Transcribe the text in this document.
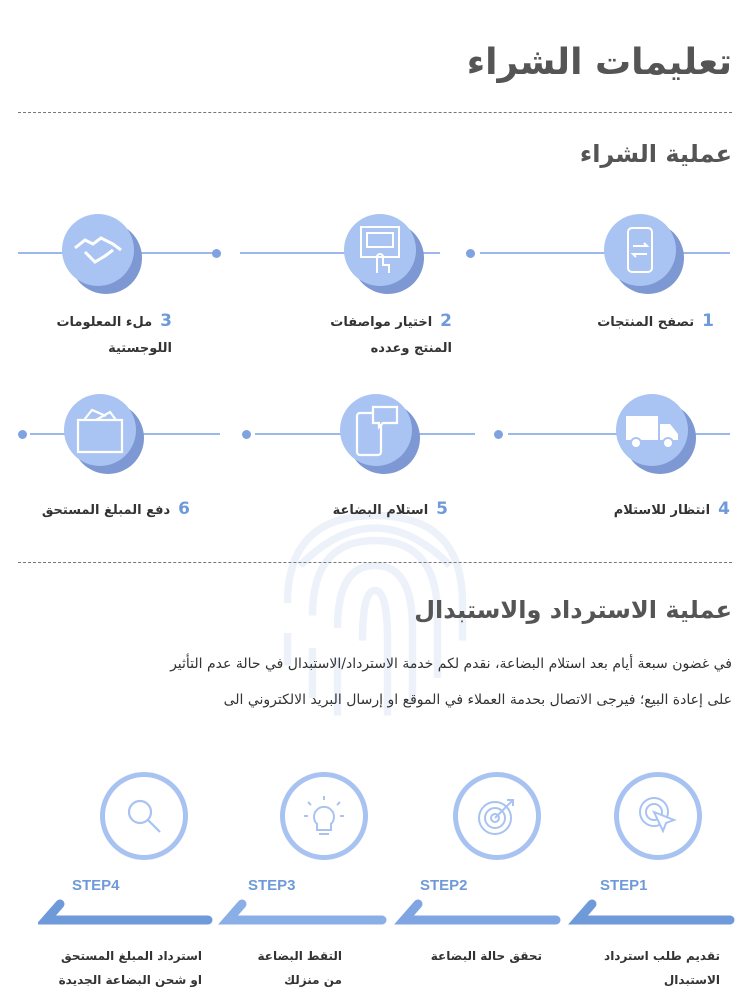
تعليمات الشراء
عملية الشراء
1تصفح المنتجات
2اختيار مواصفات
المنتج وعدده
3ملء المعلومات
اللوجستية
4انتظار للاستلام
5استلام البضاعة
6دفع المبلغ المستحق
عملية الاسترداد والاستبدال
في غضون سبعة أيام بعد استلام البضاعة، نقدم لكم خدمة الاسترداد/الاستبدال في حالة عدم التأثير
على إعادة البيع؛ فيرجى الاتصال بحدمة العملاء في الموقع او إرسال البريد الالكتروني الى
STEP1
STEP2
STEP3
STEP4
تقديم طلب استرداد
الاستبدال
تحقق حالة البضاعة
التقط البضاعة
من منزلك
استرداد المبلغ المستحق
او شحن البضاعة الجديدة
